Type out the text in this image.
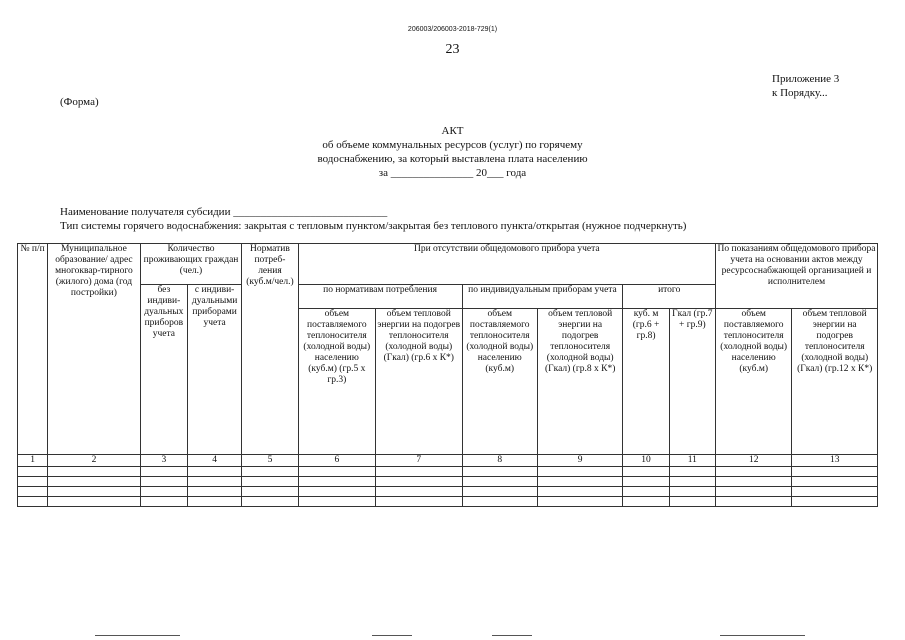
206003/206003-2018-729(1)
23
Приложение 3
к Порядку...
(Форма)
АКТ
об объеме коммунальных ресурсов (услуг) по горячему
водоснабжению, за который выставлена плата населению
за _______________ 20___ года
Наименование получателя субсидии ____________________________
Тип системы горячего водоснабжения: закрытая с тепловым пунктом/закрытая без теплового пункта/открытая (нужное подчеркнуть)
№ п/п	Муниципальное образование/ адрес многоквар-тирного (жилого) дома (год постройки)	Количество проживающих граждан (чел.)		Норматив потреб-ления (куб.м/чел.)	При отсутствии общедомового прибора учета						По показаниям общедомового прибора учета на основании актов между ресурсоснабжающей организацией и исполнителем	
		без индиви-дуальных приборов учета	с индиви-дуальными приборами учета		по нормативам потребления		по индивидуальным приборам учета		итого			
					объем поставляемого теплоносителя (холодной воды) населению (куб.м) (гр.5 х гр.3)	объем тепловой энергии на подогрев теплоносителя (холодной воды) (Гкал) (гр.6 х К*)	объем поставляемого теплоносителя (холодной воды) населению (куб.м)	объем тепловой энергии на подогрев теплоносителя (холодной воды) (Гкал) (гр.8 х К*)	куб. м (гр.6 + гр.8)	Гкал (гр.7 + гр.9)	объем поставляемого теплоносителя (холодной воды) населению (куб.м)	объем тепловой энергии на подогрев теплоносителя (холодной воды) (Гкал) (гр.12 х К*)
1	2	3	4	5	6	7	8	9	10	11	12	13
